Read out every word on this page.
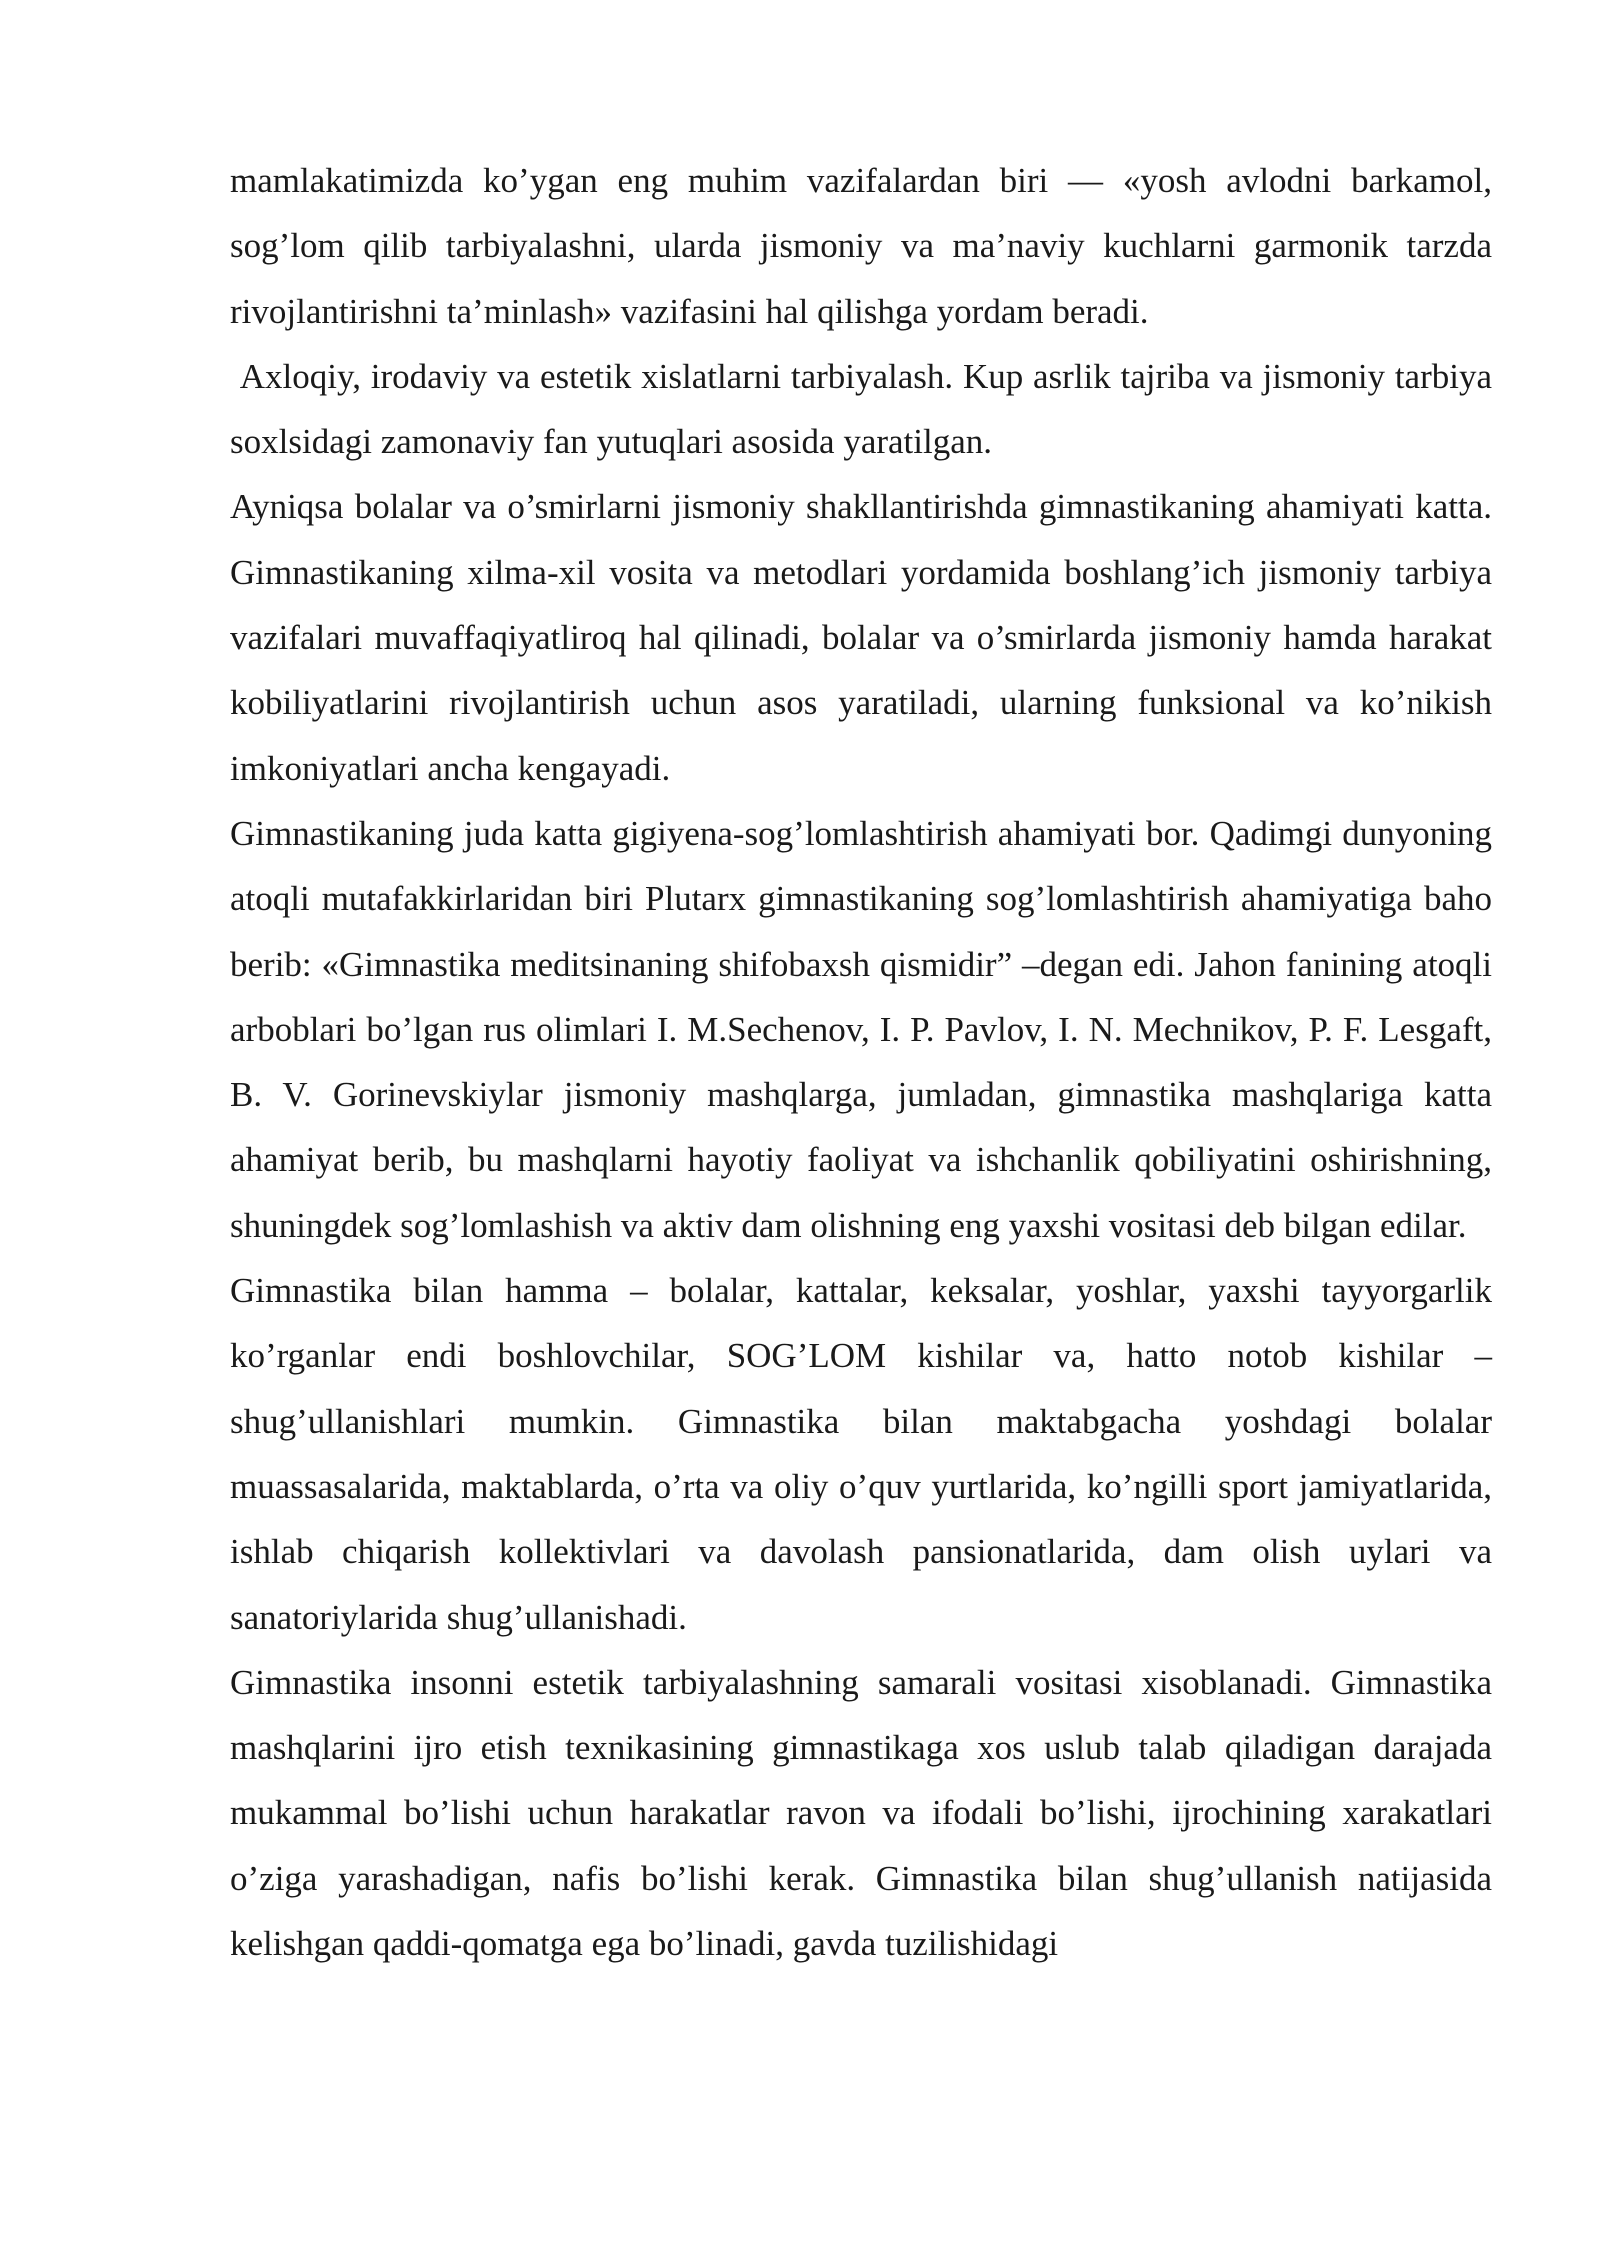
mamlakatimizda ko’ygan eng muhim vazifalardan biri — «yosh avlodni barkamol, sog’lom qilib tarbiyalashni, ularda jismoniy va ma’naviy kuchlarni garmonik tarzda rivojlantirishni ta’minlash» vazifasini hal qilishga yordam beradi.

Axloqiy, irodaviy va estetik xislatlarni tarbiyalash. Kup asrlik tajriba va jismoniy tarbiya soxlsidagi zamonaviy fan yutuqlari asosida yaratilgan.

Ayniqsa bolalar va o’smirlarni jismoniy shakllantirishda gimnastikaning ahamiyati katta. Gimnastikaning xilma-xil vosita va metodlari yordamida boshlang’ich jismoniy tarbiya vazifalari muvaffaqiyatliroq hal qilinadi, bolalar va o’smirlarda jismoniy hamda harakat kobiliyatlarini rivojlantirish uchun asos yaratiladi, ularning funksional va ko’nikish imkoniyatlari ancha kengayadi.

Gimnastikaning juda katta gigiyena-sog’lomlashtirish ahamiyati bor. Qadimgi dunyoning atoqli mutafakkirlaridan biri Plutarx gimnastikaning sog’lomlashtirish ahamiyatiga baho berib: «Gimnastika meditsinaning shifobaxsh qismidir” –degan edi. Jahon fanining atoqli arboblari bo’lgan rus olimlari I. M.Sechenov, I. P. Pavlov, I. N. Mechnikov, P. F. Lesgaft, B. V. Gorinevskiylar jismoniy mashqlarga, jumladan, gimnastika mashqlariga katta ahamiyat berib, bu mashqlarni hayotiy faoliyat va ishchanlik qobiliyatini oshirishning, shuningdek sog’lomlashish va aktiv dam olishning eng yaxshi vositasi deb bilgan edilar.

Gimnastika bilan hamma – bolalar, kattalar, keksalar, yoshlar, yaxshi tayyorgarlik ko’rganlar endi boshlovchilar, SOG’LOM kishilar va, hatto notob kishilar – shug’ullanishlari mumkin. Gimnastika bilan maktabgacha yoshdagi bolalar muassasalarida, maktablarda, o’rta va oliy o’quv yurtlarida, ko’ngilli sport jamiyatlarida, ishlab chiqarish kollektivlari va davolash pansionatlarida, dam olish uylari va sanatoriylarida shug’ullanishadi.

Gimnastika insonni estetik tarbiyalashning samarali vositasi xisoblanadi. Gimnastika mashqlarini ijro etish texnikasining gimnastikaga xos uslub talab qiladigan darajada mukammal bo’lishi uchun harakatlar ravon va ifodali bo’lishi, ijrochining xarakatlari o’ziga yarashadigan, nafis bo’lishi kerak. Gimnastika bilan shug’ullanish natijasida kelishgan qaddi-qomatga ega bo’linadi, gavda tuzilishidagi
